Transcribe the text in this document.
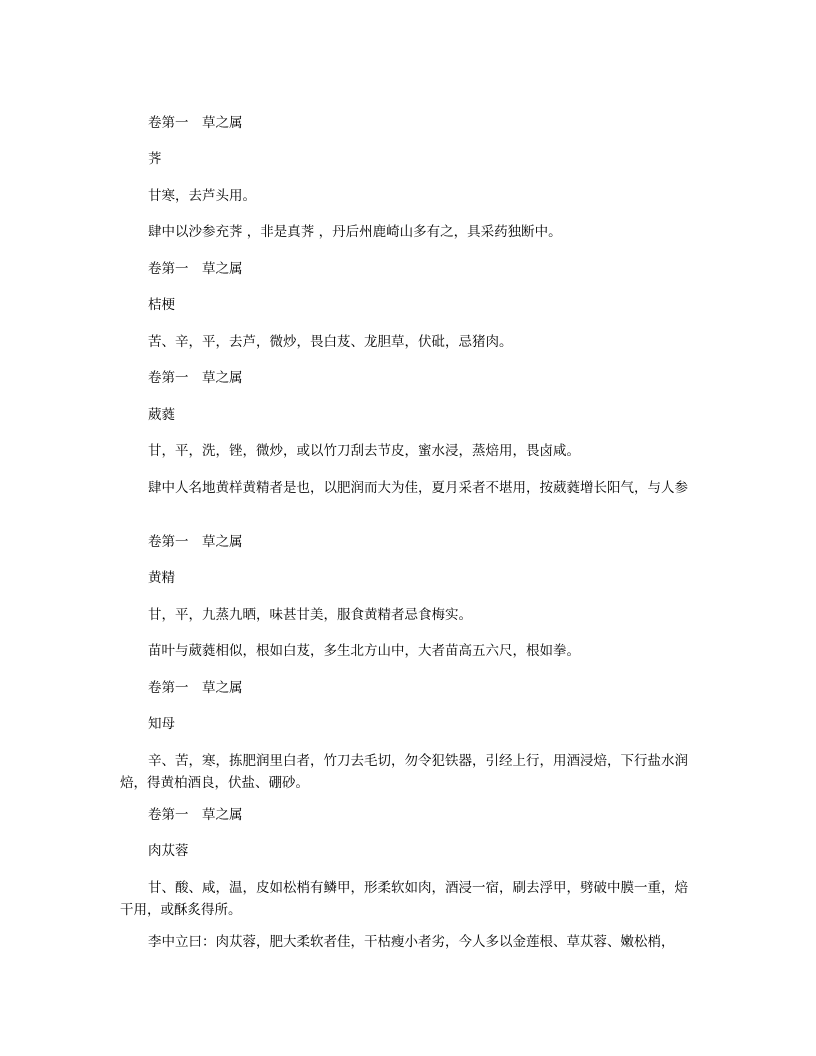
卷第一　草之属

荠

甘寒，去芦头用。

肆中以沙参充荠 ，非是真荠 ，丹后州鹿崎山多有之，具采药独断中。

卷第一　草之属

桔梗

苦、辛，平，去芦，微炒，畏白芨、龙胆草，伏砒，忌猪肉。

卷第一　草之属

葳蕤

甘，平，洗，锉，微炒，或以竹刀刮去节皮，蜜水浸，蒸焙用，畏卤咸。

肆中人名地黄样黄精者是也，以肥润而大为佳，夏月采者不堪用，按葳蕤增长阳气，与人参

卷第一　草之属

黄精

甘，平，九蒸九晒，味甚甘美，服食黄精者忌食梅实。

苗叶与葳蕤相似，根如白芨，多生北方山中，大者苗高五六尺，根如拳。

卷第一　草之属

知母

辛、苦，寒，拣肥润里白者，竹刀去毛切，勿令犯铁器，引经上行，用酒浸焙，下行盐水润焙，得黄柏酒良，伏盐、硼砂。

卷第一　草之属

肉苁蓉

甘、酸、咸，温，皮如松梢有鳞甲，形柔软如肉，酒浸一宿，刷去浮甲，劈破中膜一重，焙干用，或酥炙得所。

李中立曰：肉苁蓉，肥大柔软者佳，干枯瘦小者劣，今人多以金莲根、草苁蓉、嫩松梢，
